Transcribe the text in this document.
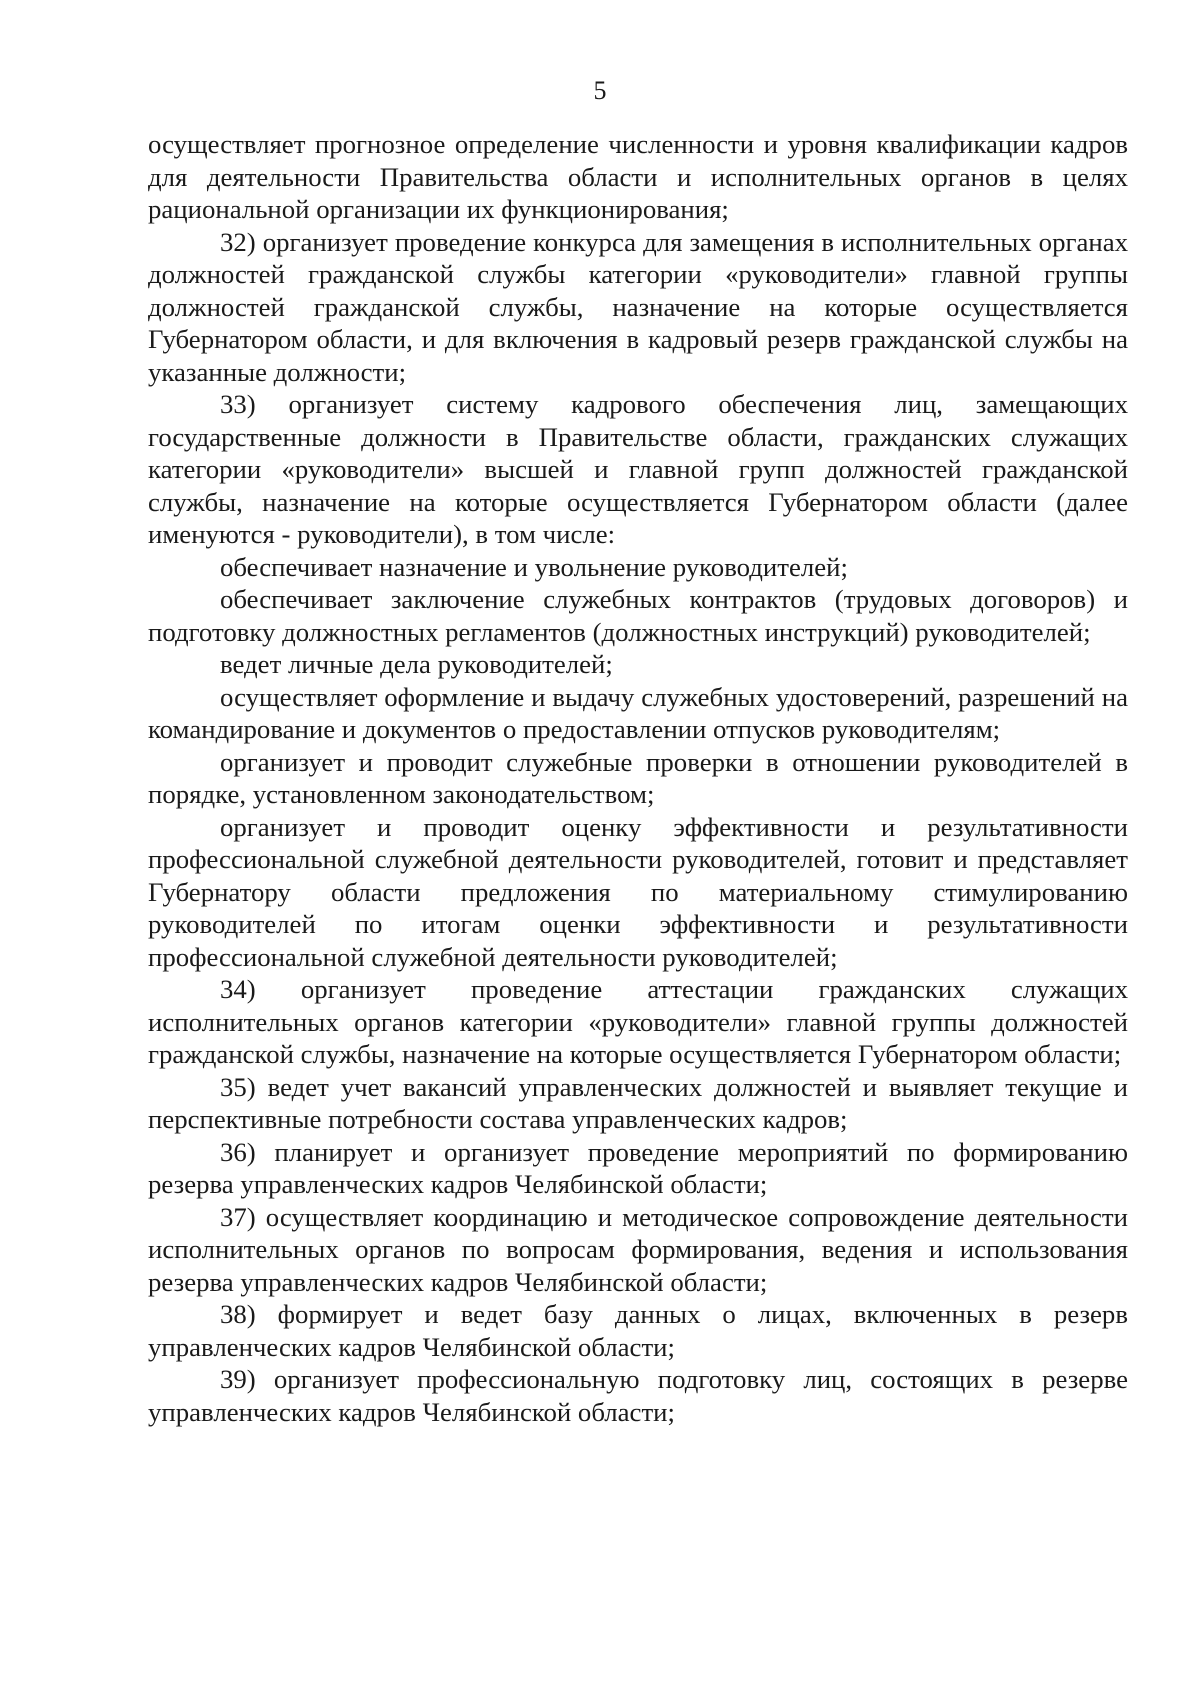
5

осуществляет прогнозное определение численности и уровня квалификации кадров для деятельности Правительства области и исполнительных органов в целях рациональной организации их функционирования;

32) организует проведение конкурса для замещения в исполнительных органах должностей гражданской службы категории «руководители» главной группы должностей гражданской службы, назначение на которые осуществляется Губернатором области, и для включения в кадровый резерв гражданской службы на указанные должности;

33) организует систему кадрового обеспечения лиц, замещающих государственные должности в Правительстве области, гражданских служащих категории «руководители» высшей и главной групп должностей гражданской службы, назначение на которые осуществляется Губернатором области (далее именуются - руководители), в том числе:

обеспечивает назначение и увольнение руководителей;

обеспечивает заключение служебных контрактов (трудовых договоров) и подготовку должностных регламентов (должностных инструкций) руководителей;

ведет личные дела руководителей;

осуществляет оформление и выдачу служебных удостоверений, разрешений на командирование и документов о предоставлении отпусков руководителям;

организует и проводит служебные проверки в отношении руководителей в порядке, установленном законодательством;

организует и проводит оценку эффективности и результативности профессиональной служебной деятельности руководителей, готовит и представляет Губернатору области предложения по материальному стимулированию руководителей по итогам оценки эффективности и результативности профессиональной служебной деятельности руководителей;

34) организует проведение аттестации гражданских служащих исполнительных органов категории «руководители» главной группы должностей гражданской службы, назначение на которые осуществляется Губернатором области;

35) ведет учет вакансий управленческих должностей и выявляет текущие и перспективные потребности состава управленческих кадров;

36) планирует и организует проведение мероприятий по формированию резерва управленческих кадров Челябинской области;

37) осуществляет координацию и методическое сопровождение деятельности исполнительных органов по вопросам формирования, ведения и использования резерва управленческих кадров Челябинской области;

38) формирует и ведет базу данных о лицах, включенных в резерв управленческих кадров Челябинской области;

39) организует профессиональную подготовку лиц, состоящих в резерве управленческих кадров Челябинской области;
